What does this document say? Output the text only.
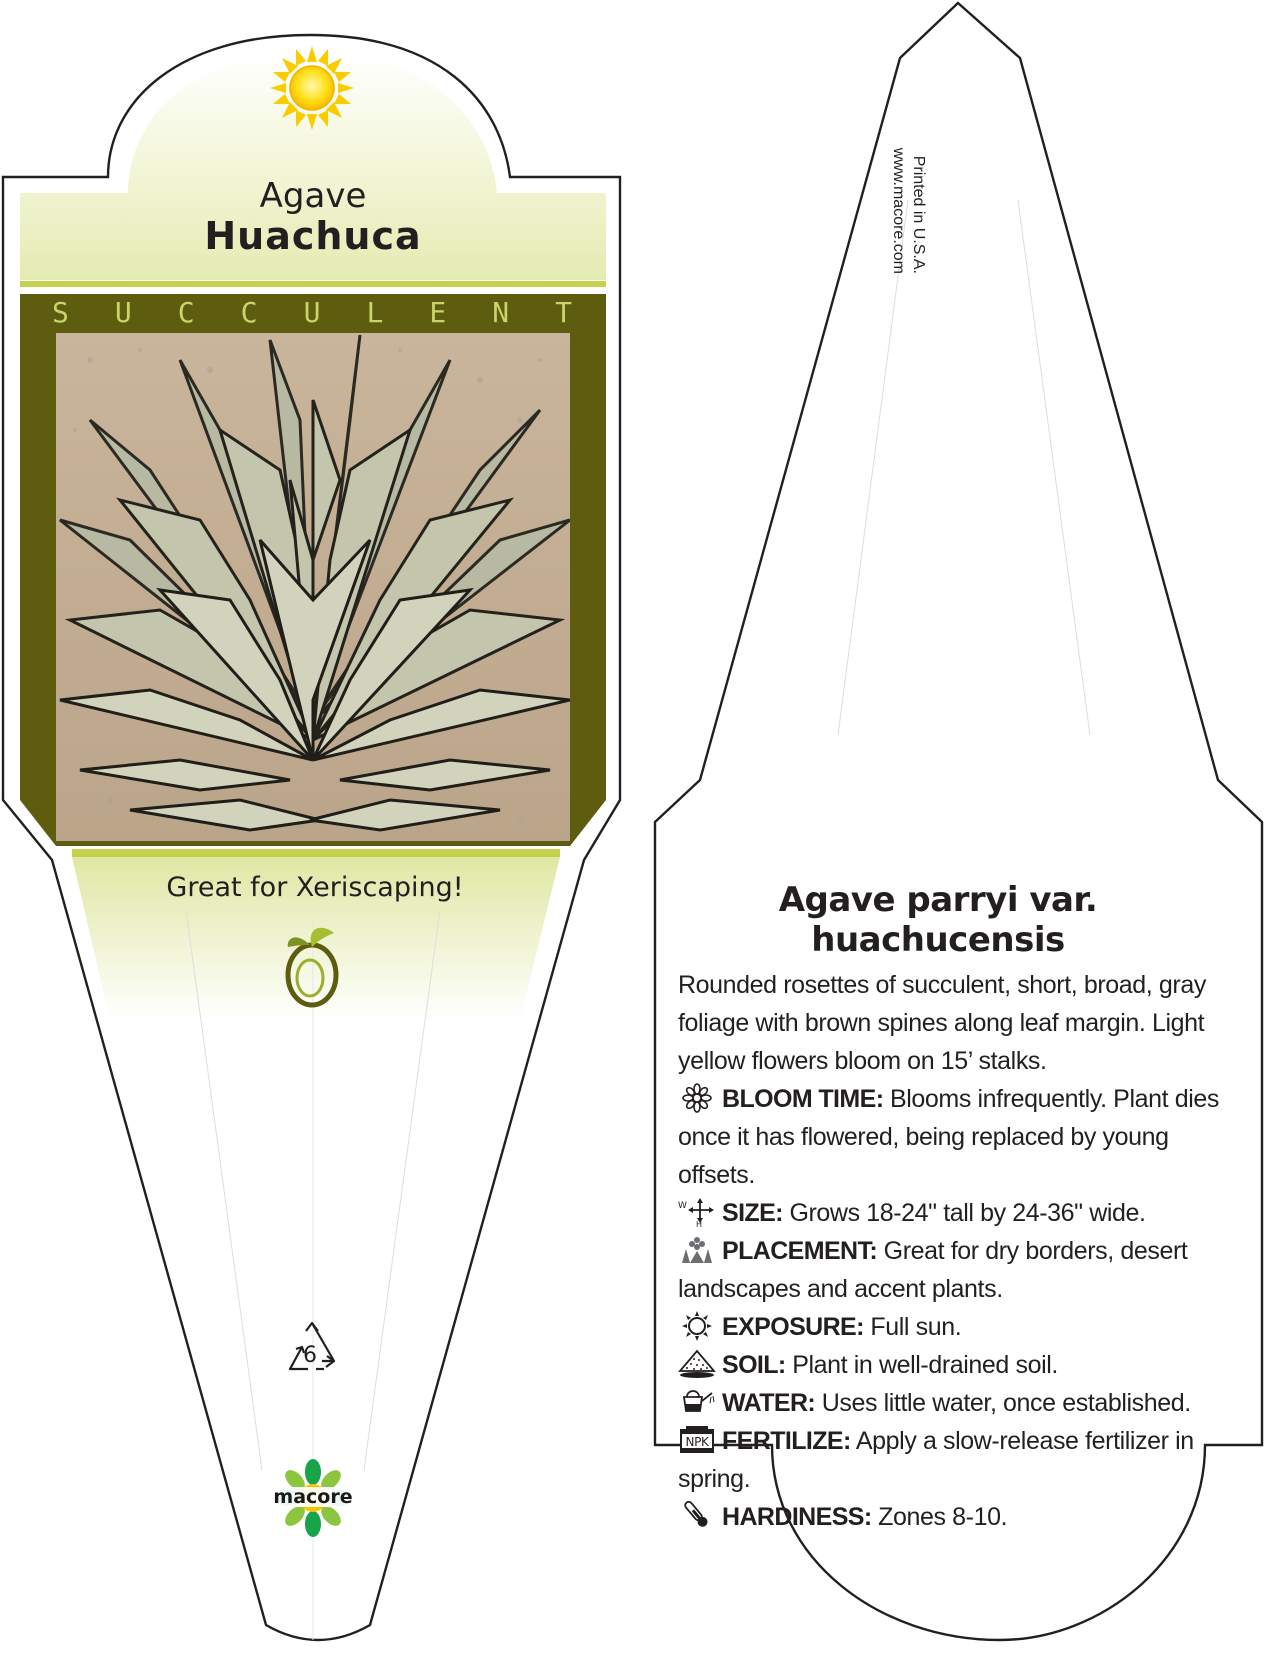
Agave
Huachuca
S U C C U L E N T
Great for Xeriscaping!
6
macore
Printed in U.S.A.
www.macore.com
Agave parryi var. huachucensis
Rounded rosettes of succulent, short, broad, gray foliage with brown spines along leaf margin. Light yellow flowers bloom on 15’ stalks.
BLOOM TIME: Blooms infrequently. Plant dies once it has flowered, being replaced by young offsets.
W
H SIZE: Grows 18-24" tall by 24-36" wide.
PLACEMENT: Great for dry borders, desert landscapes and accent plants.
EXPOSURE: Full sun.
SOIL: Plant in well-drained soil.
WATER: Uses little water, once established.
NPK FERTILIZE: Apply a slow-release fertilizer in spring.
HARDINESS: Zones 8-10.
